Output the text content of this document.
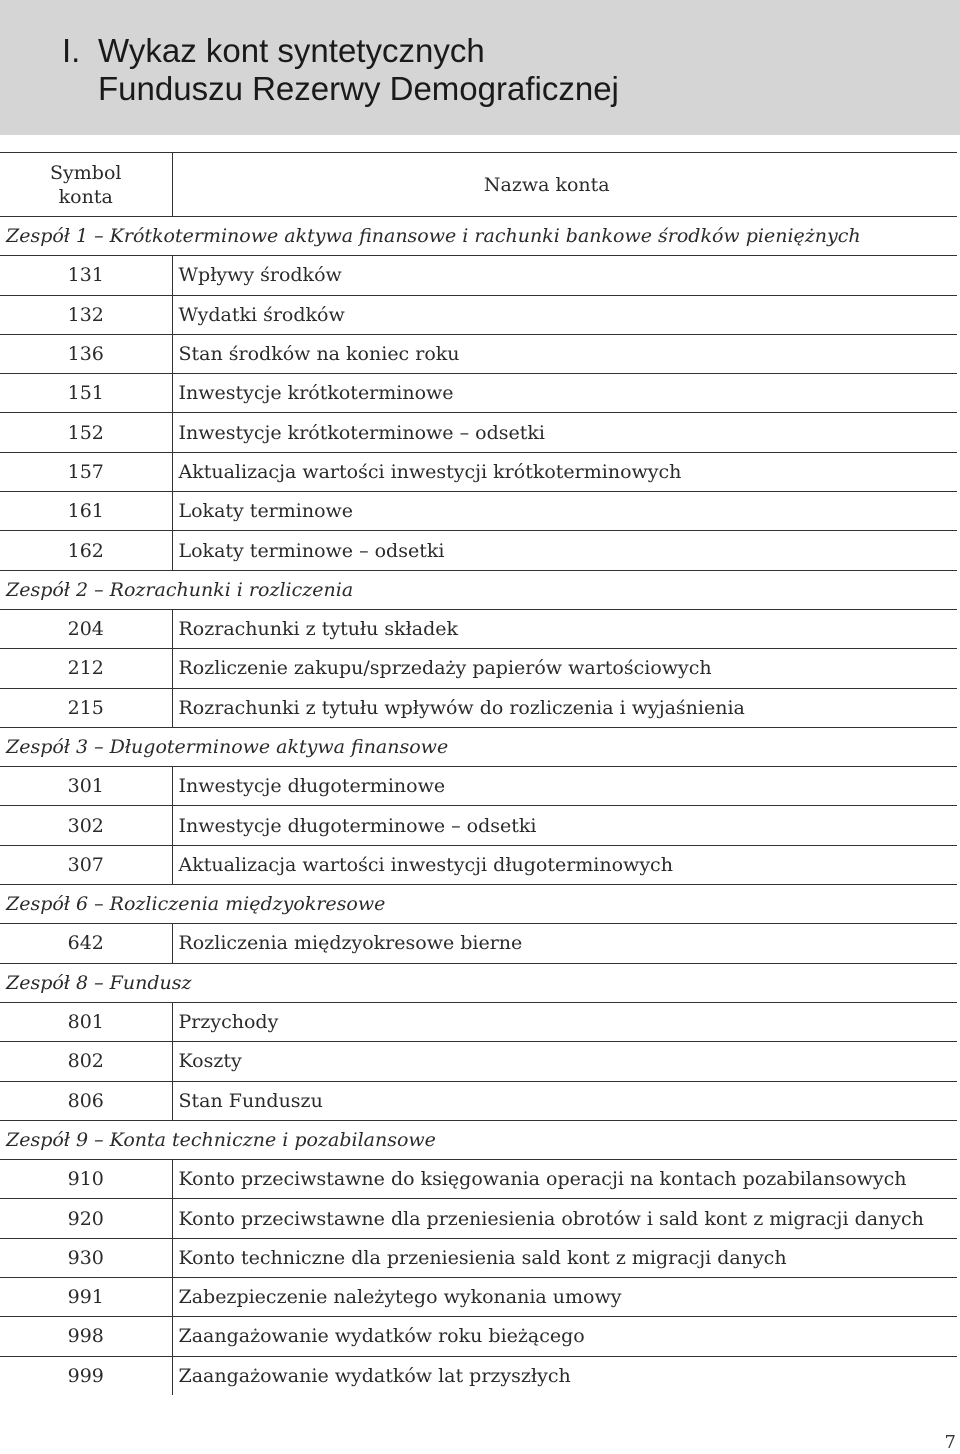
I. Wykaz kont syntetycznych
Funduszu Rezerwy Demograficznej
Symbol
konta	Nazwa konta
Zespół 1 – Krótkoterminowe aktywa finansowe i rachunki bankowe środków pieniężnych	
131	Wpływy środków
132	Wydatki środków
136	Stan środków na koniec roku
151	Inwestycje krótkoterminowe
152	Inwestycje krótkoterminowe – odsetki
157	Aktualizacja wartości inwestycji krótkoterminowych
161	Lokaty terminowe
162	Lokaty terminowe – odsetki
Zespół 2 – Rozrachunki i rozliczenia	
204	Rozrachunki z tytułu składek
212	Rozliczenie zakupu/sprzedaży papierów wartościowych
215	Rozrachunki z tytułu wpływów do rozliczenia i wyjaśnienia
Zespół 3 – Długoterminowe aktywa finansowe	
301	Inwestycje długoterminowe
302	Inwestycje długoterminowe – odsetki
307	Aktualizacja wartości inwestycji długoterminowych
Zespół 6 – Rozliczenia międzyokresowe	
642	Rozliczenia międzyokresowe bierne
Zespół 8 – Fundusz	
801	Przychody
802	Koszty
806	Stan Funduszu
Zespół 9 – Konta techniczne i pozabilansowe	
910	Konto przeciwstawne do księgowania operacji na kontach pozabilansowych
920	Konto przeciwstawne dla przeniesienia obrotów i sald kont z migracji danych
930	Konto techniczne dla przeniesienia sald kont z migracji danych
991	Zabezpieczenie należytego wykonania umowy
998	Zaangażowanie wydatków roku bieżącego
999	Zaangażowanie wydatków lat przyszłych
7
